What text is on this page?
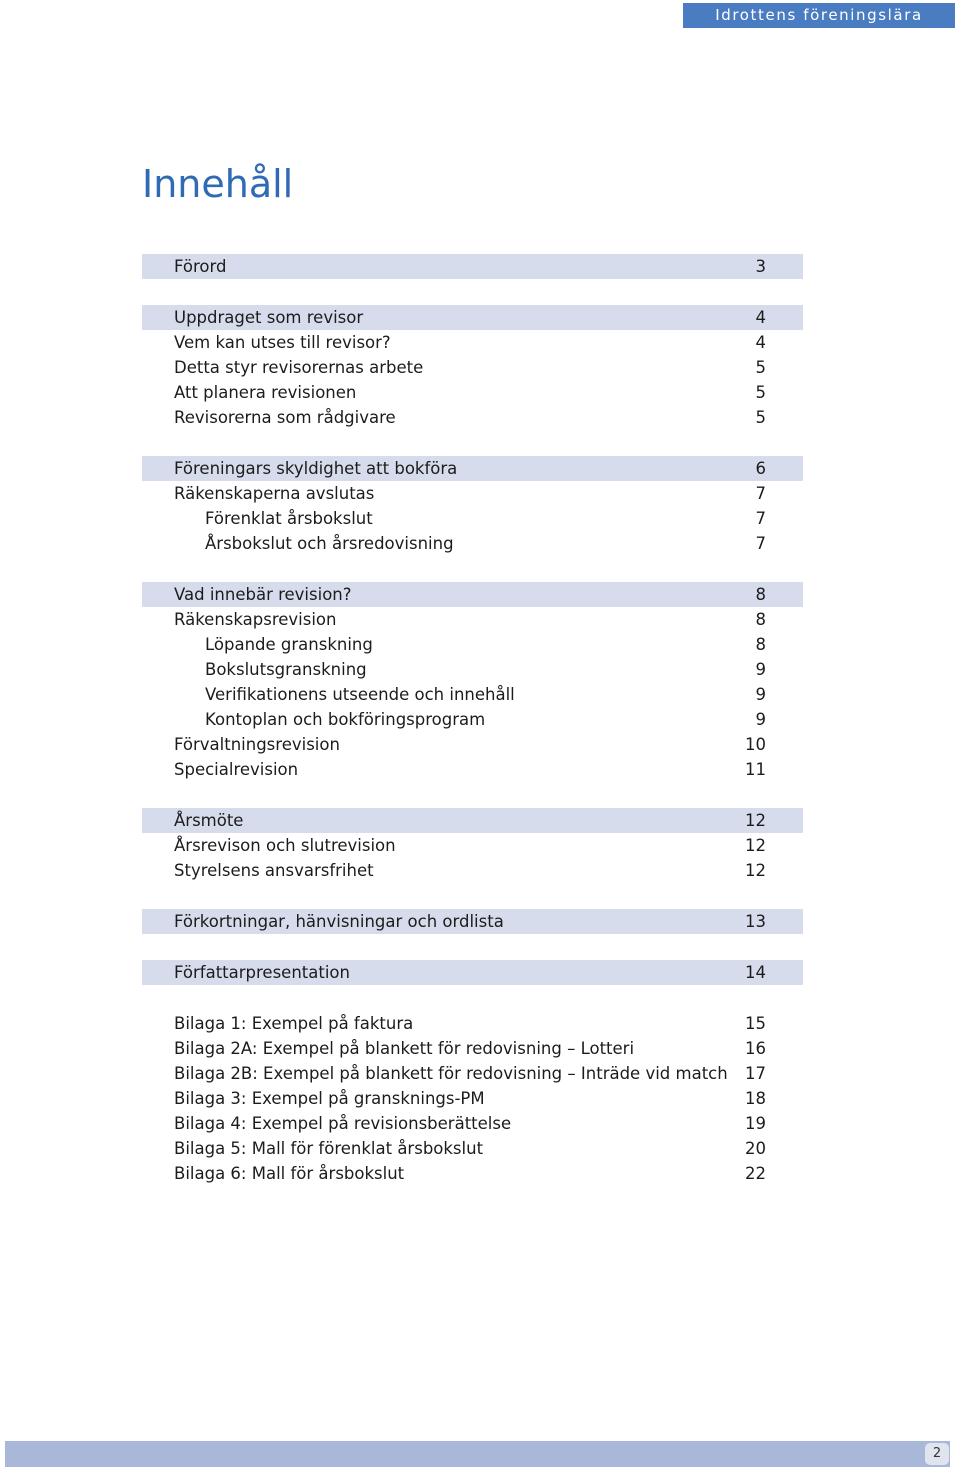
Idrottens föreningslära
Innehåll
Förord	3
Uppdraget som revisor	4
Vem kan utses till revisor?	4
Detta styr revisorernas arbete	5
Att planera revisionen	5
Revisorerna som rådgivare	5
Föreningars skyldighet att bokföra	6
Räkenskaperna avslutas	7
Förenklat årsbokslut	7
Årsbokslut och årsredovisning	7
Vad innebär revision?	8
Räkenskapsrevision	8
Löpande granskning	8
Bokslutsgranskning	9
Verifikationens utseende och innehåll	9
Kontoplan och bokföringsprogram	9
Förvaltningsrevision	10
Specialrevision	11
Årsmöte	12
Årsrevison och slutrevision	12
Styrelsens ansvarsfrihet	12
Förkortningar, hänvisningar och ordlista	13
Författarpresentation	14
Bilaga 1: Exempel på faktura	15
Bilaga 2A: Exempel på blankett för redovisning – Lotteri	16
Bilaga 2B: Exempel på blankett för redovisning – Inträde vid match 17
Bilaga 3: Exempel på gransknings-PM	18
Bilaga 4: Exempel på revisionsberättelse	19
Bilaga 5: Mall för förenklat årsbokslut	20
Bilaga 6: Mall för årsbokslut	22
2
